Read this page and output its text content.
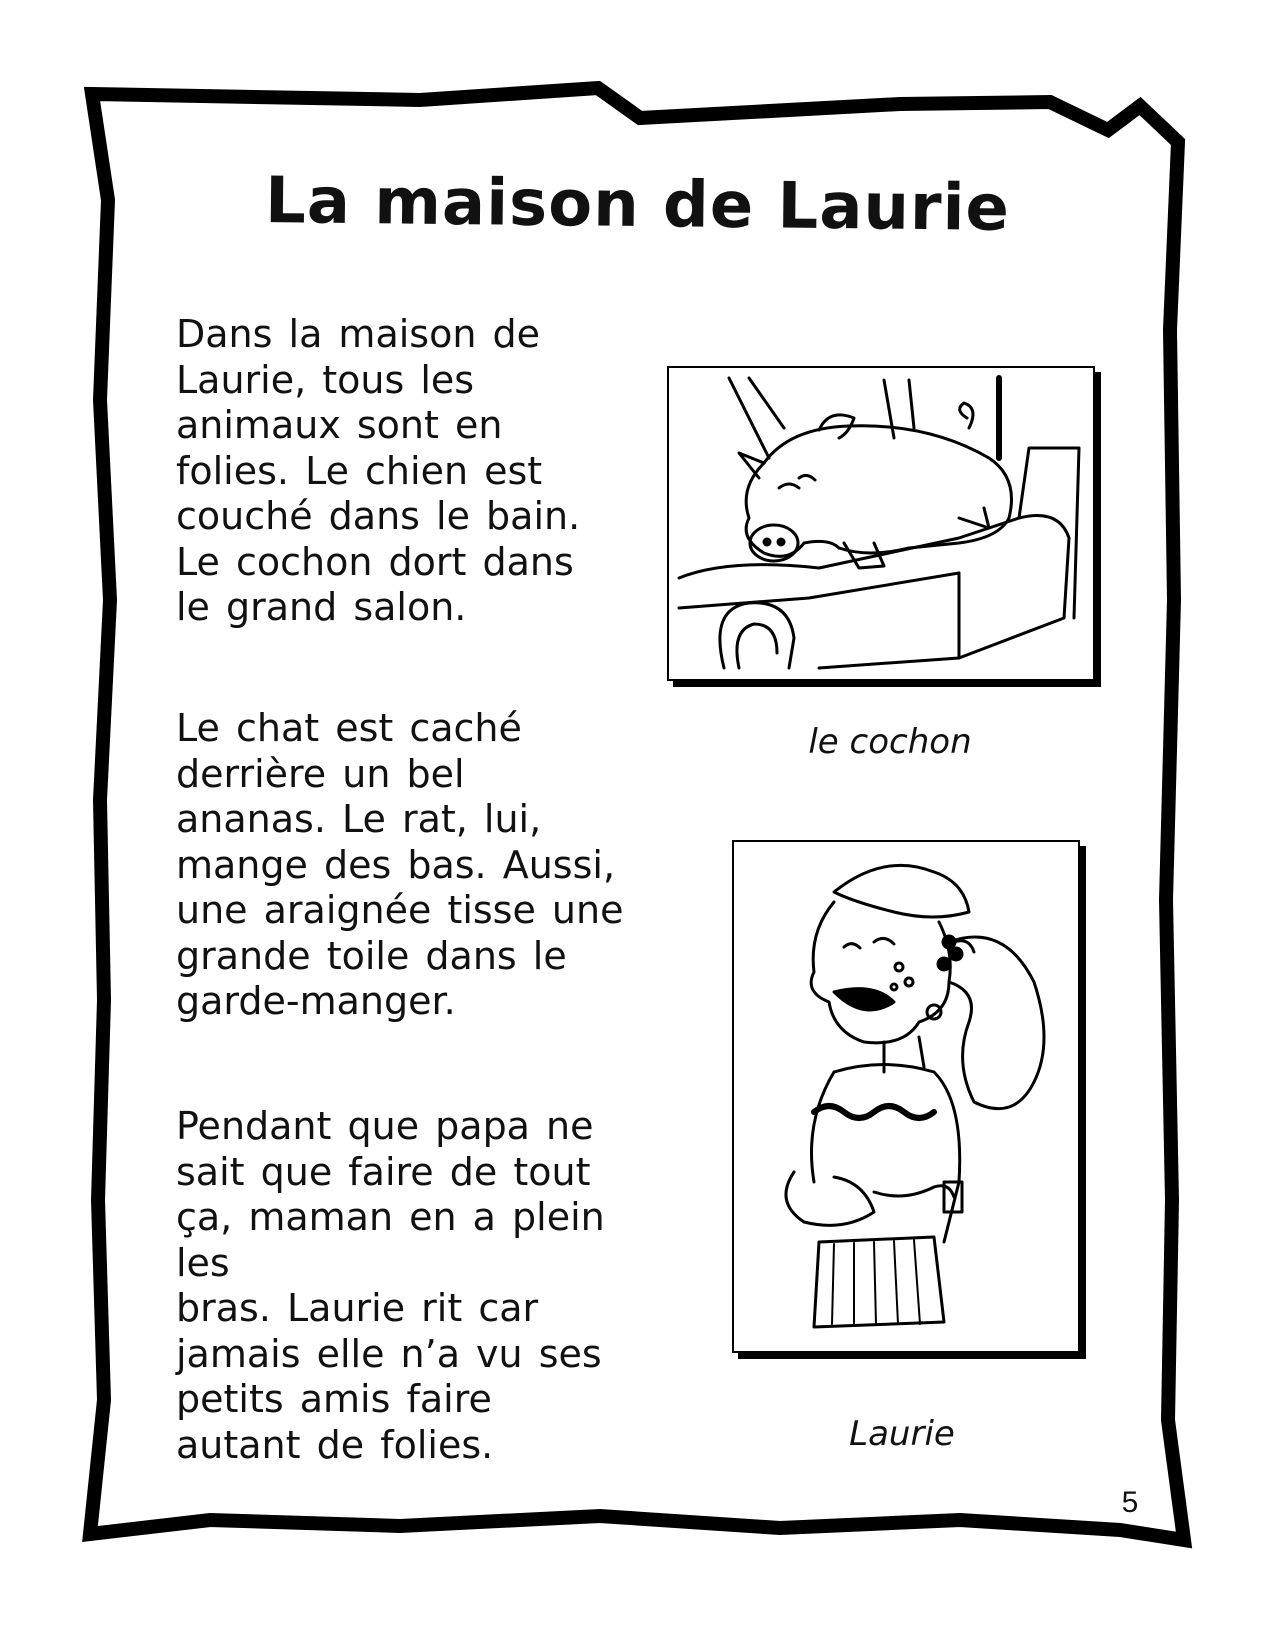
La maison de Laurie

Dans la maison de
Laurie, tous les
animaux sont en
folies. Le chien est
couché dans le bain.
Le cochon dort dans
le grand salon.

Le chat est caché
derrière un bel
ananas. Le rat, lui,
mange des bas. Aussi,
une araignée tisse une
grande toile dans le
garde-manger.

Pendant que papa ne
sait que faire de tout
ça, maman en a plein les
bras. Laurie rit car
jamais elle n’a vu ses
petits amis faire
autant de folies.

le cochon

Laurie

5
